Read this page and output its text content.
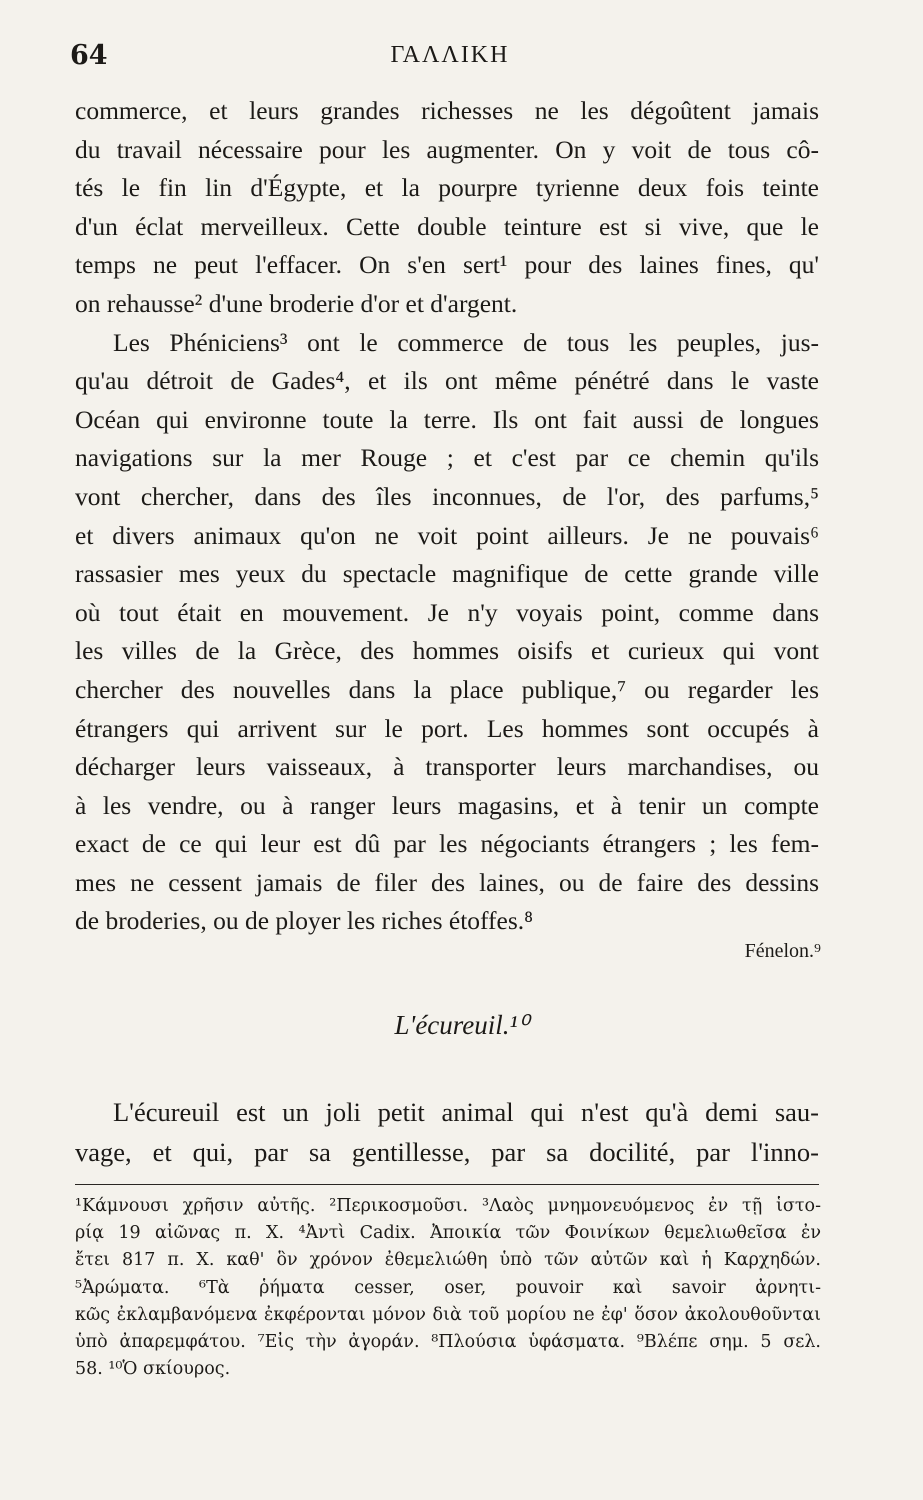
64	ΓΑΛΛΙΚΗ
commerce, et leurs grandes richesses ne les dégoûtent jamais
du travail nécessaire pour les augmenter. On y voit de tous cô-
tés le fin lin d'Égypte, et la pourpre tyrienne deux fois teinte
d'un éclat merveilleux. Cette double teinture est si vive, que le
temps ne peut l'effacer. On s'en sert¹ pour des laines fines, qu'
on rehausse² d'une broderie d'or et d'argent.
Les Phéniciens³ ont le commerce de tous les peuples, jus-
qu'au détroit de Gades⁴, et ils ont même pénétré dans le vaste
Océan qui environne toute la terre. Ils ont fait aussi de longues
navigations sur la mer Rouge ; et c'est par ce chemin qu'ils
vont chercher, dans des îles inconnues, de l'or, des parfums,⁵
et divers animaux qu'on ne voit point ailleurs. Je ne pouvais⁶
rassasier mes yeux du spectacle magnifique de cette grande ville
où tout était en mouvement. Je n'y voyais point, comme dans
les villes de la Grèce, des hommes oisifs et curieux qui vont
chercher des nouvelles dans la place publique,⁷ ou regarder les
étrangers qui arrivent sur le port. Les hommes sont occupés à
décharger leurs vaisseaux, à transporter leurs marchandises, ou
à les vendre, ou à ranger leurs magasins, et à tenir un compte
exact de ce qui leur est dû par les négociants étrangers ; les fem-
mes ne cessent jamais de filer des laines, ou de faire des dessins
de broderies, ou de ployer les riches étoffes.⁸
Fénelon.⁹
L'écureuil.¹⁰
L'écureuil est un joli petit animal qui n'est qu'à demi sau-
vage, et qui, par sa gentillesse, par sa docilité, par l'inno-
¹Κάμνουσι χρῆσιν αὐτῆς. ²Περικοσμοῦσι. ³Λαὸς μνημονευόμενος ἐν τῇ ἱστο-
ρίᾳ 19 αἰῶνας π. Χ. ⁴Ἀντὶ Cadix. Ἀποικία τῶν Φοινίκων θεμελιωθεῖσα ἐν
ἔτει 817 π. Χ. καθ' ὃν χρόνον ἐθεμελιώθη ὑπὸ τῶν αὐτῶν καὶ ἡ Καρχηδών.
⁵Ἀρώματα. ⁶Τὰ ῥήματα cesser, oser, pouvoir καὶ savoir ἀρνητι-
κῶς ἐκλαμβανόμενα ἐκφέρονται μόνον διὰ τοῦ μορίου ne ἐφ' ὅσον ἀκολουθοῦνται
ὑπὸ ἀπαρεμφάτου. ⁷Εἰς τὴν ἀγοράν. ⁸Πλούσια ὑφάσματα. ⁹Βλέπε σημ. 5 σελ.
58. ¹⁰Ὁ σκίουρος.
